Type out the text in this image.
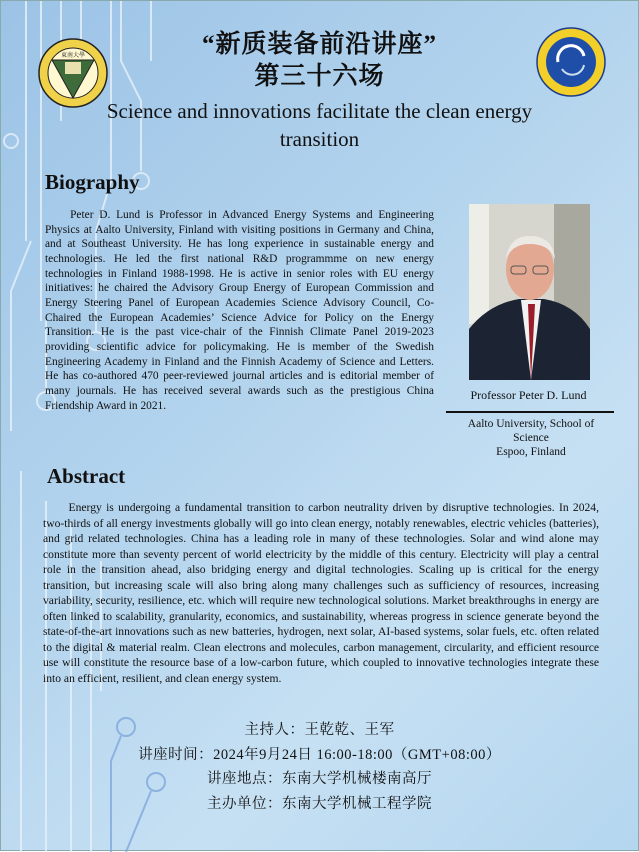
東南大學	“新质装备前沿讲座”
第三十六场
Science and innovations facilitate the clean energy transition
Biography

Peter D. Lund is Professor in Advanced Energy Systems and Engineering Physics at Aalto University, Finland with visiting positions in Germany and China, and at Southeast University. He has long experience in sustainable energy and technologies. He led the first national R&D programmme on new energy technologies in Finland 1988-1998. He is active in senior roles with EU energy initiatives: he chaired the Advisory Group Energy of European Commission and Energy Steering Panel of European Academies Science Advisory Council, Co-Chaired the European Academies’ Science Advice for Policy on the Energy Transition. He is the past vice-chair of the Finnish Climate Panel 2019-2023 providing scientific advice for policymaking. He is member of the Swedish Engineering Academy in Finland and the Finnish Academy of Science and Letters. He has co-authored 470 peer-reviewed journal articles and is editorial member of many journals. He has received several awards such as the prestigious China Friendship Award in 2021.

Professor Peter D. Lund
Aalto University, School of Science
Espoo, Finland
Abstract

Energy is undergoing a fundamental transition to carbon neutrality driven by disruptive technologies. In 2024, two-thirds of all energy investments globally will go into clean energy, notably renewables, electric vehicles (batteries), and grid related technologies. China has a leading role in many of these technologies. Solar and wind alone may constitute more than seventy percent of world electricity by the middle of this century. Electricity will play a central role in the transition ahead, also bridging energy and digital technologies. Scaling up is critical for the energy transition, but increasing scale will also bring along many challenges such as sufficiency of resources, increasing variability, security, resilience, etc. which will require new technological solutions. Market breakthroughs in energy are often linked to scalability, granularity, economics, and sustainability, whereas progress in science generate beyond the state-of-the-art innovations such as new batteries, hydrogen, next solar, AI-based systems, solar fuels, etc. often related to the digital & material realm. Clean electrons and molecules, carbon management, circularity, and efficient resource use will constitute the resource base of a low-carbon future, which coupled to innovative technologies integrate these into an efficient, resilient, and clean energy system.

主持人：王乾乾、王军
讲座时间：2024年9月24日 16:00-18:00（GMT+08:00）
讲座地点：东南大学机械楼南高厅
主办单位：东南大学机械工程学院
